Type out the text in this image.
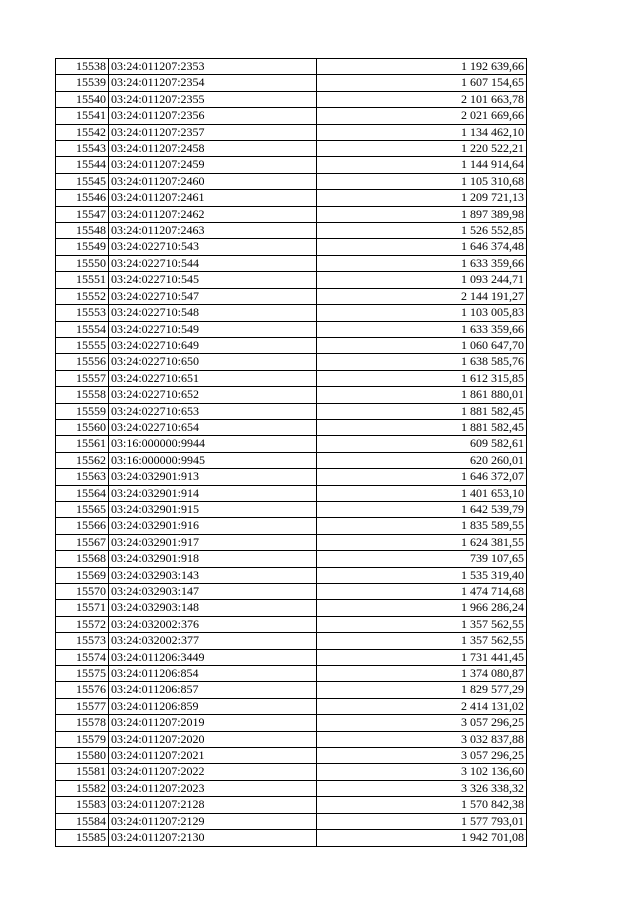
15538	03:24:011207:2353	1 192 639,66
15539	03:24:011207:2354	1 607 154,65
15540	03:24:011207:2355	2 101 663,78
15541	03:24:011207:2356	2 021 669,66
15542	03:24:011207:2357	1 134 462,10
15543	03:24:011207:2458	1 220 522,21
15544	03:24:011207:2459	1 144 914,64
15545	03:24:011207:2460	1 105 310,68
15546	03:24:011207:2461	1 209 721,13
15547	03:24:011207:2462	1 897 389,98
15548	03:24:011207:2463	1 526 552,85
15549	03:24:022710:543	1 646 374,48
15550	03:24:022710:544	1 633 359,66
15551	03:24:022710:545	1 093 244,71
15552	03:24:022710:547	2 144 191,27
15553	03:24:022710:548	1 103 005,83
15554	03:24:022710:549	1 633 359,66
15555	03:24:022710:649	1 060 647,70
15556	03:24:022710:650	1 638 585,76
15557	03:24:022710:651	1 612 315,85
15558	03:24:022710:652	1 861 880,01
15559	03:24:022710:653	1 881 582,45
15560	03:24:022710:654	1 881 582,45
15561	03:16:000000:9944	609 582,61
15562	03:16:000000:9945	620 260,01
15563	03:24:032901:913	1 646 372,07
15564	03:24:032901:914	1 401 653,10
15565	03:24:032901:915	1 642 539,79
15566	03:24:032901:916	1 835 589,55
15567	03:24:032901:917	1 624 381,55
15568	03:24:032901:918	739 107,65
15569	03:24:032903:143	1 535 319,40
15570	03:24:032903:147	1 474 714,68
15571	03:24:032903:148	1 966 286,24
15572	03:24:032002:376	1 357 562,55
15573	03:24:032002:377	1 357 562,55
15574	03:24:011206:3449	1 731 441,45
15575	03:24:011206:854	1 374 080,87
15576	03:24:011206:857	1 829 577,29
15577	03:24:011206:859	2 414 131,02
15578	03:24:011207:2019	3 057 296,25
15579	03:24:011207:2020	3 032 837,88
15580	03:24:011207:2021	3 057 296,25
15581	03:24:011207:2022	3 102 136,60
15582	03:24:011207:2023	3 326 338,32
15583	03:24:011207:2128	1 570 842,38
15584	03:24:011207:2129	1 577 793,01
15585	03:24:011207:2130	1 942 701,08
